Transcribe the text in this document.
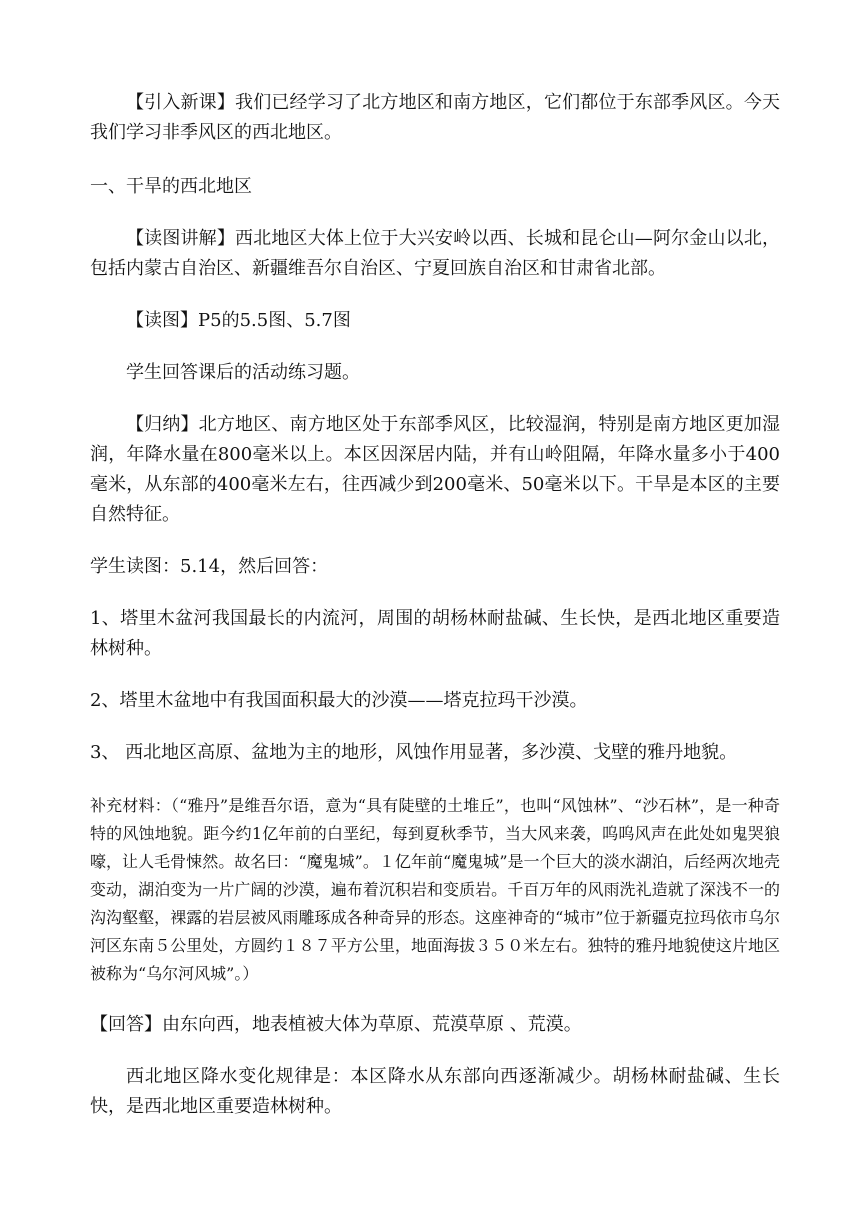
【引入新课】我们已经学习了北方地区和南方地区，它们都位于东部季风区。今天我们学习非季风区的西北地区。

一、干旱的西北地区

【读图讲解】西北地区大体上位于大兴安岭以西、长城和昆仑山—阿尔金山以北，包括内蒙古自治区、新疆维吾尔自治区、宁夏回族自治区和甘肃省北部。

【读图】P5的5.5图、5.7图

学生回答课后的活动练习题。

【归纳】北方地区、南方地区处于东部季风区，比较湿润，特别是南方地区更加湿润，年降水量在800毫米以上。本区因深居内陆，并有山岭阻隔，年降水量多小于400毫米，从东部的400毫米左右，往西减少到200毫米、50毫米以下。干旱是本区的主要自然特征。

学生读图：5.14，然后回答：

1、塔里木盆河我国最长的内流河，周围的胡杨林耐盐碱、生长快，是西北地区重要造林树种。

2、塔里木盆地中有我国面积最大的沙漠——塔克拉玛干沙漠。

3、 西北地区高原、盆地为主的地形，风蚀作用显著，多沙漠、戈壁的雅丹地貌。

补充材料：（“雅丹”是维吾尔语，意为“具有陡壁的土堆丘”，也叫“风蚀林”、“沙石林”，是一种奇特的风蚀地貌。距今约1亿年前的白垩纪，每到夏秋季节，当大风来袭，呜呜风声在此处如鬼哭狼嚎，让人毛骨悚然。故名曰：“魔鬼城”。１亿年前“魔鬼城”是一个巨大的淡水湖泊，后经两次地壳变动，湖泊变为一片广阔的沙漠，遍布着沉积岩和变质岩。千百万年的风雨洗礼造就了深浅不一的沟沟壑壑，裸露的岩层被风雨雕琢成各种奇异的形态。这座神奇的“城市”位于新疆克拉玛依市乌尔河区东南５公里处，方圆约１８７平方公里，地面海拔３５０米左右。独特的雅丹地貌使这片地区被称为“乌尔河风城”。）

【回答】由东向西，地表植被大体为草原、荒漠草原 、荒漠。

西北地区降水变化规律是：本区降水从东部向西逐渐减少。胡杨林耐盐碱、生长快，是西北地区重要造林树种。
